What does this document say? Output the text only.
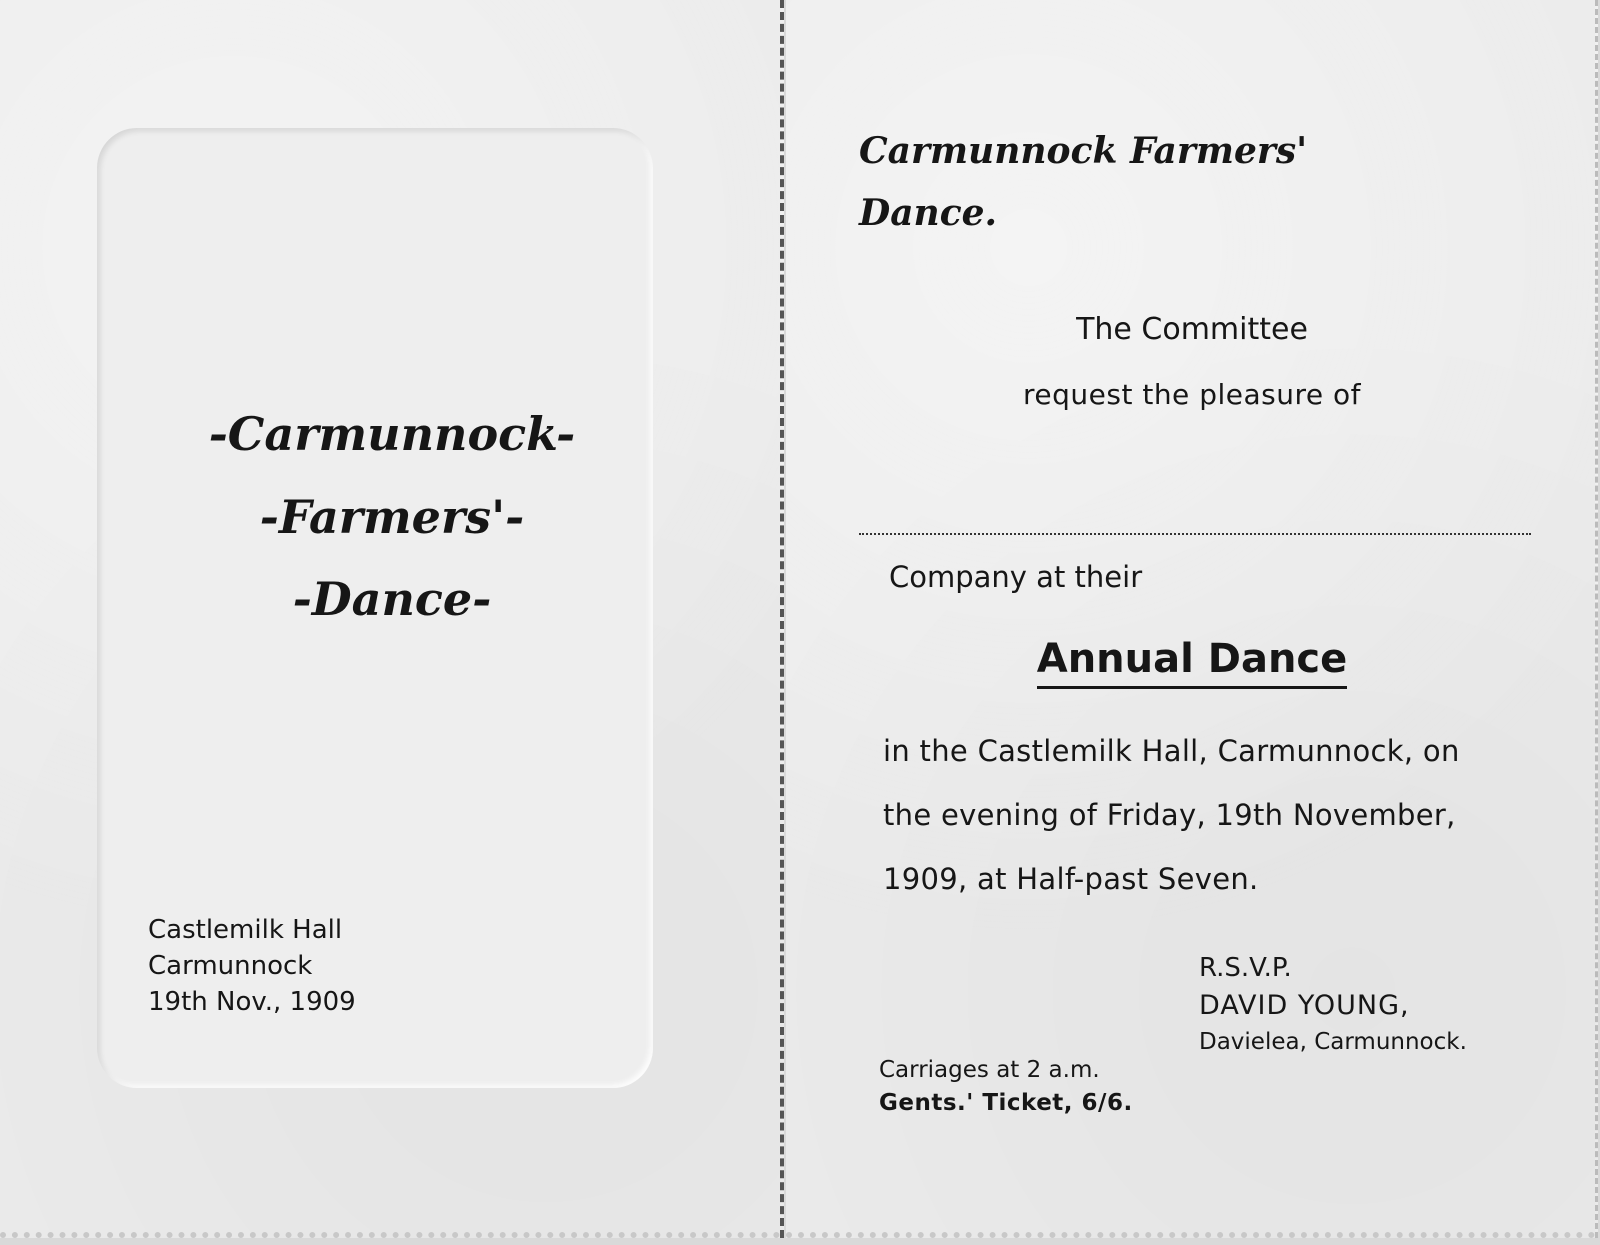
-Carmunnock-
-Farmers'-
-Dance-
Castlemilk Hall
Carmunnock
19th Nov., 1909
Carmunnock Farmers'
Dance.
The Committee
request the pleasure of
Company at their
Annual Dance
in the Castlemilk Hall, Carmunnock, on
the evening of Friday, 19th November,
1909, at Half-past Seven.
R.S.V.P.
DAVID YOUNG,
Davielea, Carmunnock.
Carriages at 2 a.m.
Gents.' Ticket, 6/6.
